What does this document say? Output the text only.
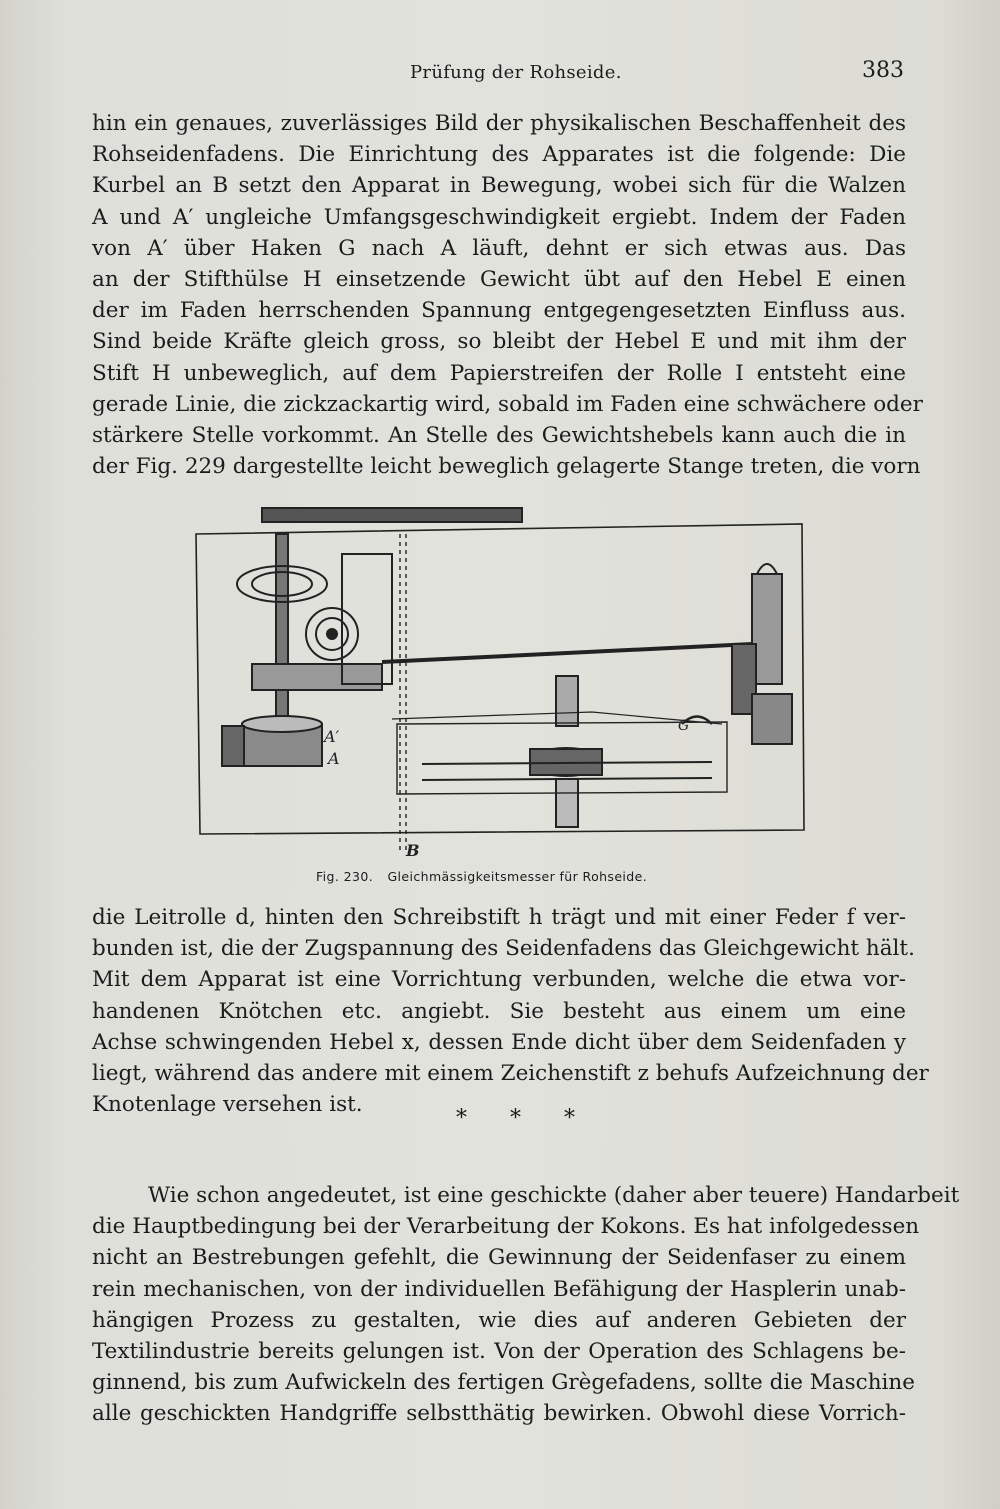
Prüfung der Rohseide.	383
hin ein genaues, zuverlässiges Bild der physikalischen Beschaffenheit des
Rohseidenfadens. Die Einrichtung des Apparates ist die folgende: Die
Kurbel an B setzt den Apparat in Bewegung, wobei sich für die Walzen
A und A′ ungleiche Umfangsgeschwindigkeit ergiebt. Indem der Faden
von A′ über Haken G nach A läuft, dehnt er sich etwas aus. Das
an der Stifthülse H einsetzende Gewicht übt auf den Hebel E einen
der im Faden herrschenden Spannung entgegengesetzten Einfluss aus.
Sind beide Kräfte gleich gross, so bleibt der Hebel E und mit ihm der
Stift H unbeweglich, auf dem Papierstreifen der Rolle I entsteht eine
gerade Linie, die zickzackartig wird, sobald im Faden eine schwächere oder
stärkere Stelle vorkommt. An Stelle des Gewichtshebels kann auch die in
der Fig. 229 dargestellte leicht beweglich gelagerte Stange treten, die vorn
A′
A
B
G
Fig. 230. Gleichmässigkeitsmesser für Rohseide.
die Leitrolle d, hinten den Schreibstift h trägt und mit einer Feder f ver-
bunden ist, die der Zugspannung des Seidenfadens das Gleichgewicht hält.
Mit dem Apparat ist eine Vorrichtung verbunden, welche die etwa vor-
handenen Knötchen etc. angiebt. Sie besteht aus einem um eine
Achse schwingenden Hebel x, dessen Ende dicht über dem Seidenfaden y
liegt, während das andere mit einem Zeichenstift z behufs Aufzeichnung der
Knotenlage versehen ist.
* * *
Wie schon angedeutet, ist eine geschickte (daher aber teuere) Handarbeit
die Hauptbedingung bei der Verarbeitung der Kokons. Es hat infolgedessen
nicht an Bestrebungen gefehlt, die Gewinnung der Seidenfaser zu einem
rein mechanischen, von der individuellen Befähigung der Hasplerin unab-
hängigen Prozess zu gestalten, wie dies auf anderen Gebieten der
Textilindustrie bereits gelungen ist. Von der Operation des Schlagens be-
ginnend, bis zum Aufwickeln des fertigen Grègefadens, sollte die Maschine
alle geschickten Handgriffe selbstthätig bewirken. Obwohl diese Vorrich-
